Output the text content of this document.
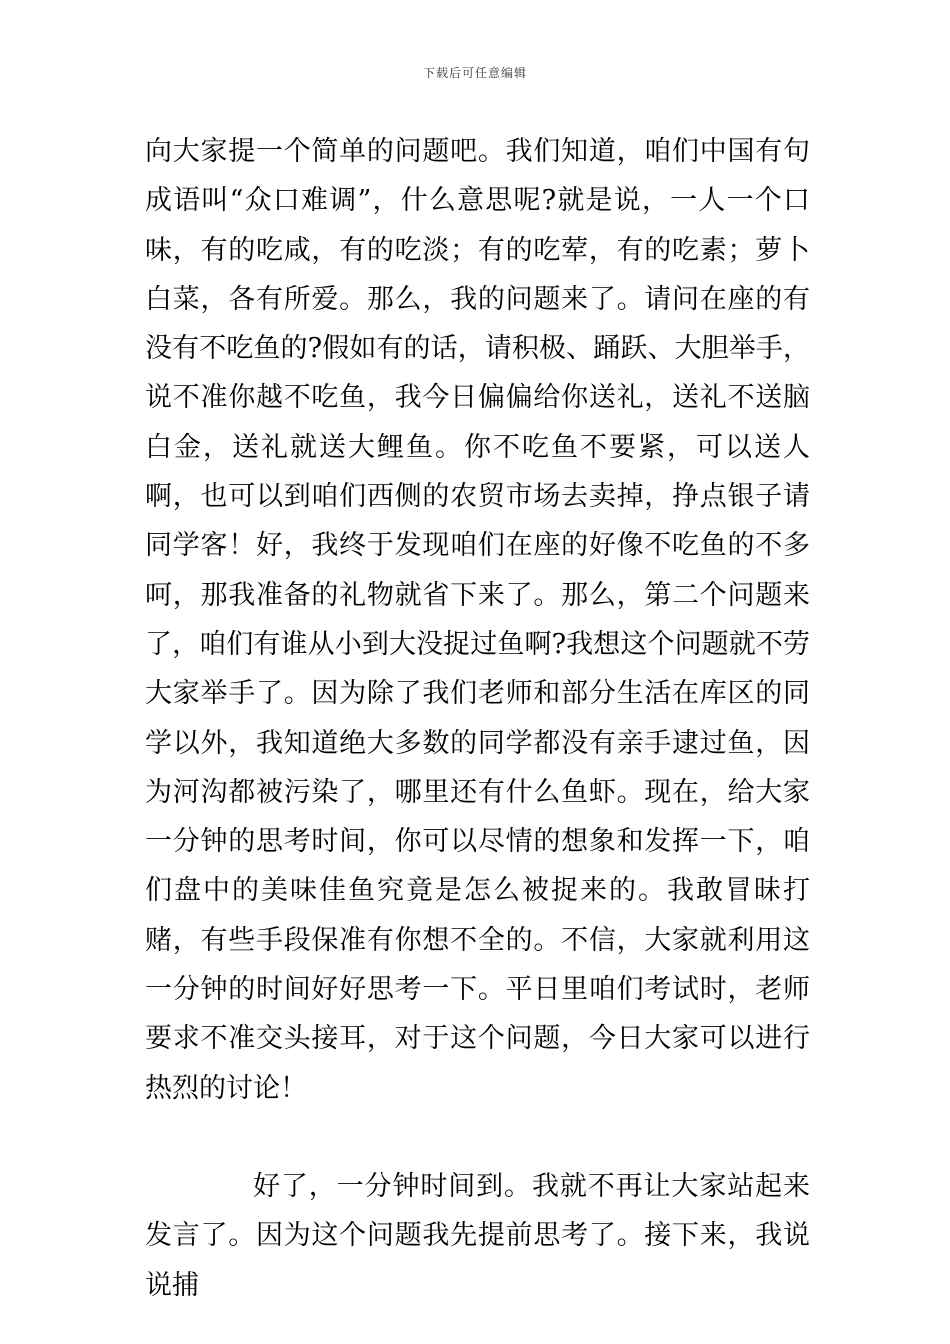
下载后可任意编辑

向大家提一个简单的问题吧。我们知道，咱们中国有句成语叫“众口难调”，什么意思呢?就是说，一人一个口味，有的吃咸，有的吃淡；有的吃荤，有的吃素；萝卜白菜，各有所爱。那么，我的问题来了。请问在座的有没有不吃鱼的?假如有的话，请积极、踊跃、大胆举手，说不准你越不吃鱼，我今日偏偏给你送礼，送礼不送脑白金，送礼就送大鲤鱼。你不吃鱼不要紧，可以送人啊，也可以到咱们西侧的农贸市场去卖掉，挣点银子请同学客！好，我终于发现咱们在座的好像不吃鱼的不多呵，那我准备的礼物就省下来了。那么，第二个问题来了，咱们有谁从小到大没捉过鱼啊?我想这个问题就不劳大家举手了。因为除了我们老师和部分生活在库区的同学以外，我知道绝大多数的同学都没有亲手逮过鱼，因为河沟都被污染了，哪里还有什么鱼虾。现在，给大家一分钟的思考时间，你可以尽情的想象和发挥一下，咱们盘中的美味佳鱼究竟是怎么被捉来的。我敢冒昧打赌，有些手段保准有你想不全的。不信，大家就利用这一分钟的时间好好思考一下。平日里咱们考试时，老师要求不准交头接耳，对于这个问题，今日大家可以进行热烈的讨论！

好了，一分钟时间到。我就不再让大家站起来发言了。因为这个问题我先提前思考了。接下来，我说说捕
